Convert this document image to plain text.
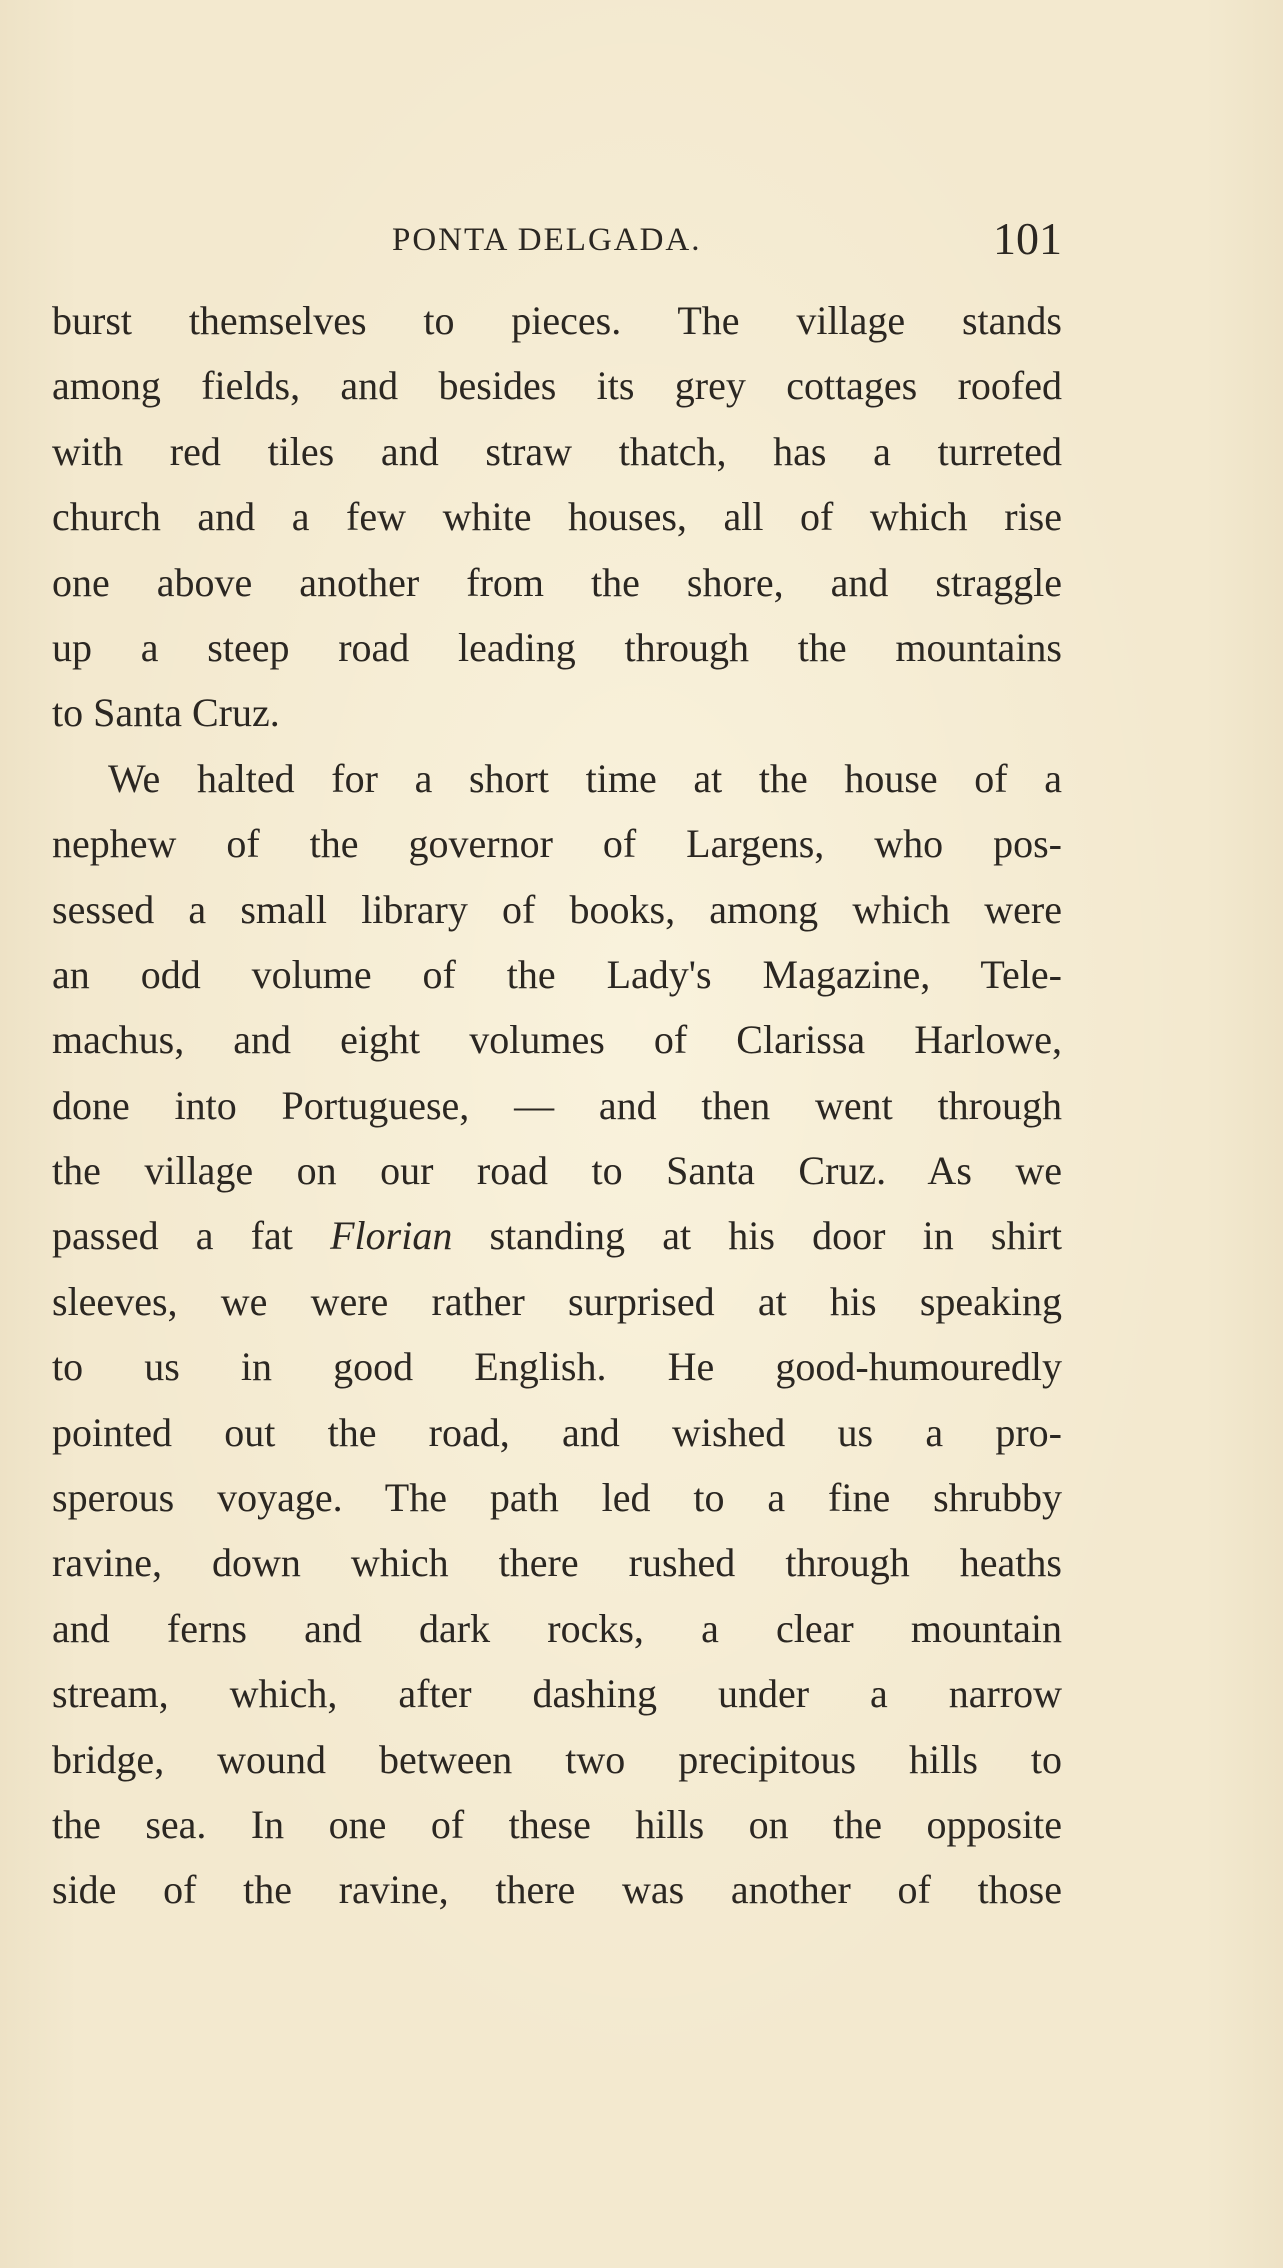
PONTA DELGADA.	101
burst themselves to pieces. The village stands
among fields, and besides its grey cottages roofed
with red tiles and straw thatch, has a turreted
church and a few white houses, all of which rise
one above another from the shore, and straggle
up a steep road leading through the mountains
to Santa Cruz.
We halted for a short time at the house of a
nephew of the governor of Largens, who pos-
sessed a small library of books, among which were
an odd volume of the Lady's Magazine, Tele-
machus, and eight volumes of Clarissa Harlowe,
done into Portuguese, — and then went through
the village on our road to Santa Cruz. As we
passed a fat Florian standing at his door in shirt
sleeves, we were rather surprised at his speaking
to us in good English. He good-humouredly
pointed out the road, and wished us a pro-
sperous voyage. The path led to a fine shrubby
ravine, down which there rushed through heaths
and ferns and dark rocks, a clear mountain
stream, which, after dashing under a narrow
bridge, wound between two precipitous hills to
the sea. In one of these hills on the opposite
side of the ravine, there was another of those
